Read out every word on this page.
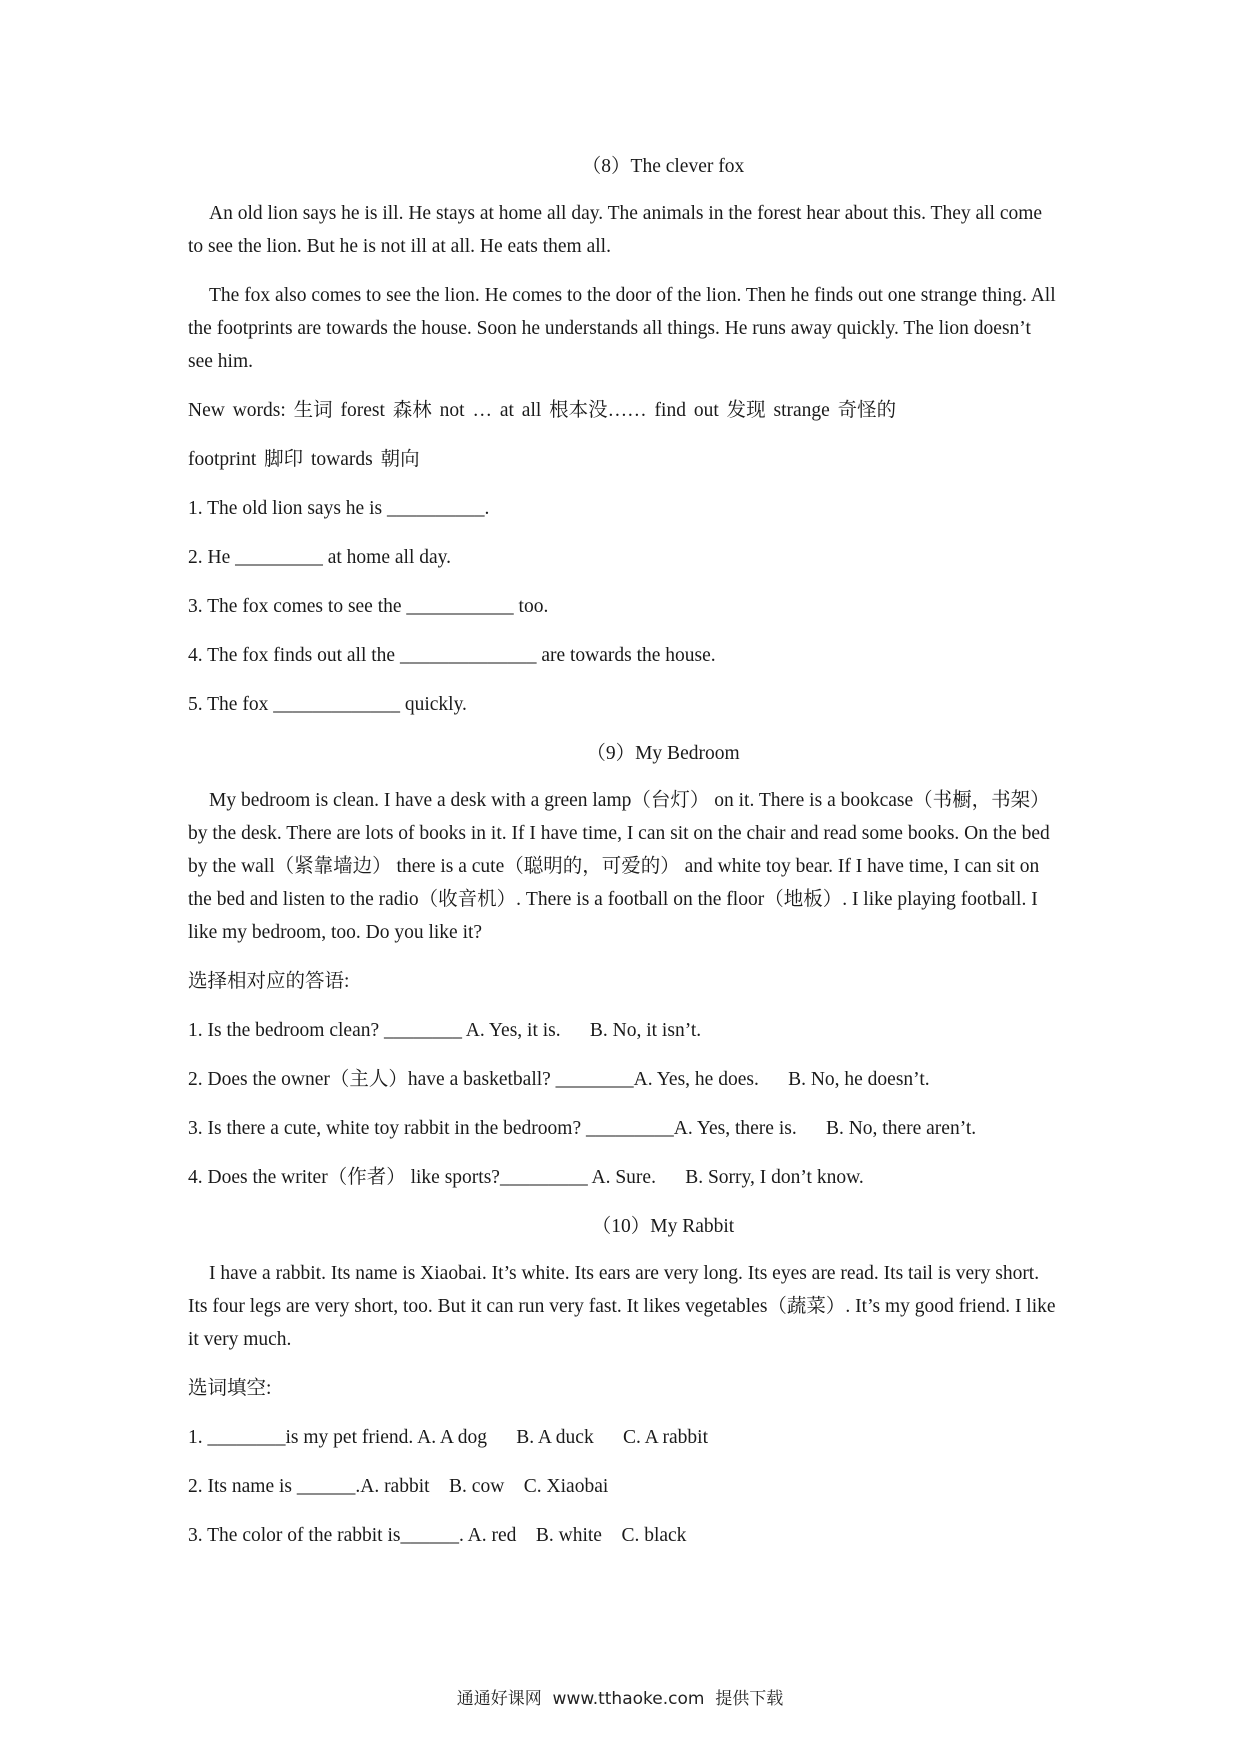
（8）The clever fox

An old lion says he is ill. He stays at home all day. The animals in the forest hear about this. They all come to see the lion. But he is not ill at all. He eats them all.

The fox also comes to see the lion. He comes to the door of the lion. Then he finds out one strange thing. All the footprints are towards the house. Soon he understands all things. He runs away quickly. The lion doesn’t see him.

New words: 生词 forest 森林 not … at all 根本没…… find out 发现 strange 奇怪的

footprint 脚印 towards 朝向

1. The old lion says he is __________.

2. He _________ at home all day.

3. The fox comes to see the ___________ too.

4. The fox finds out all the ______________ are towards the house.

5. The fox _____________ quickly.

（9）My Bedroom

My bedroom is clean. I have a desk with a green lamp（台灯） on it. There is a bookcase（书橱，书架） by the desk. There are lots of books in it. If I have time, I can sit on the chair and read some books. On the bed by the wall（紧靠墙边） there is a cute（聪明的，可爱的） and white toy bear. If I have time, I can sit on the bed and listen to the radio（收音机）. There is a football on the floor（地板）. I like playing football. I like my bedroom, too. Do you like it?

选择相对应的答语:

1. Is the bedroom clean? ________ A. Yes, it is.      B. No, it isn’t.

2. Does the owner（主人）have a basketball? ________A. Yes, he does.      B. No, he doesn’t.

3. Is there a cute, white toy rabbit in the bedroom? _________A. Yes, there is.      B. No, there aren’t.

4. Does the writer（作者） like sports?_________ A. Sure.      B. Sorry, I don’t know.

（10）My Rabbit

I have a rabbit. Its name is Xiaobai. It’s white. Its ears are very long. Its eyes are read. Its tail is very short. Its four legs are very short, too. But it can run very fast. It likes vegetables（蔬菜）. It’s my good friend. I like it very much.

选词填空:

1. ________is my pet friend. A. A dog      B. A duck      C. A rabbit

2. Its name is ______.A. rabbit    B. cow    C. Xiaobai

3. The color of the rabbit is______. A. red    B. white    C. black

通通好课网  www.tthaoke.com  提供下载
